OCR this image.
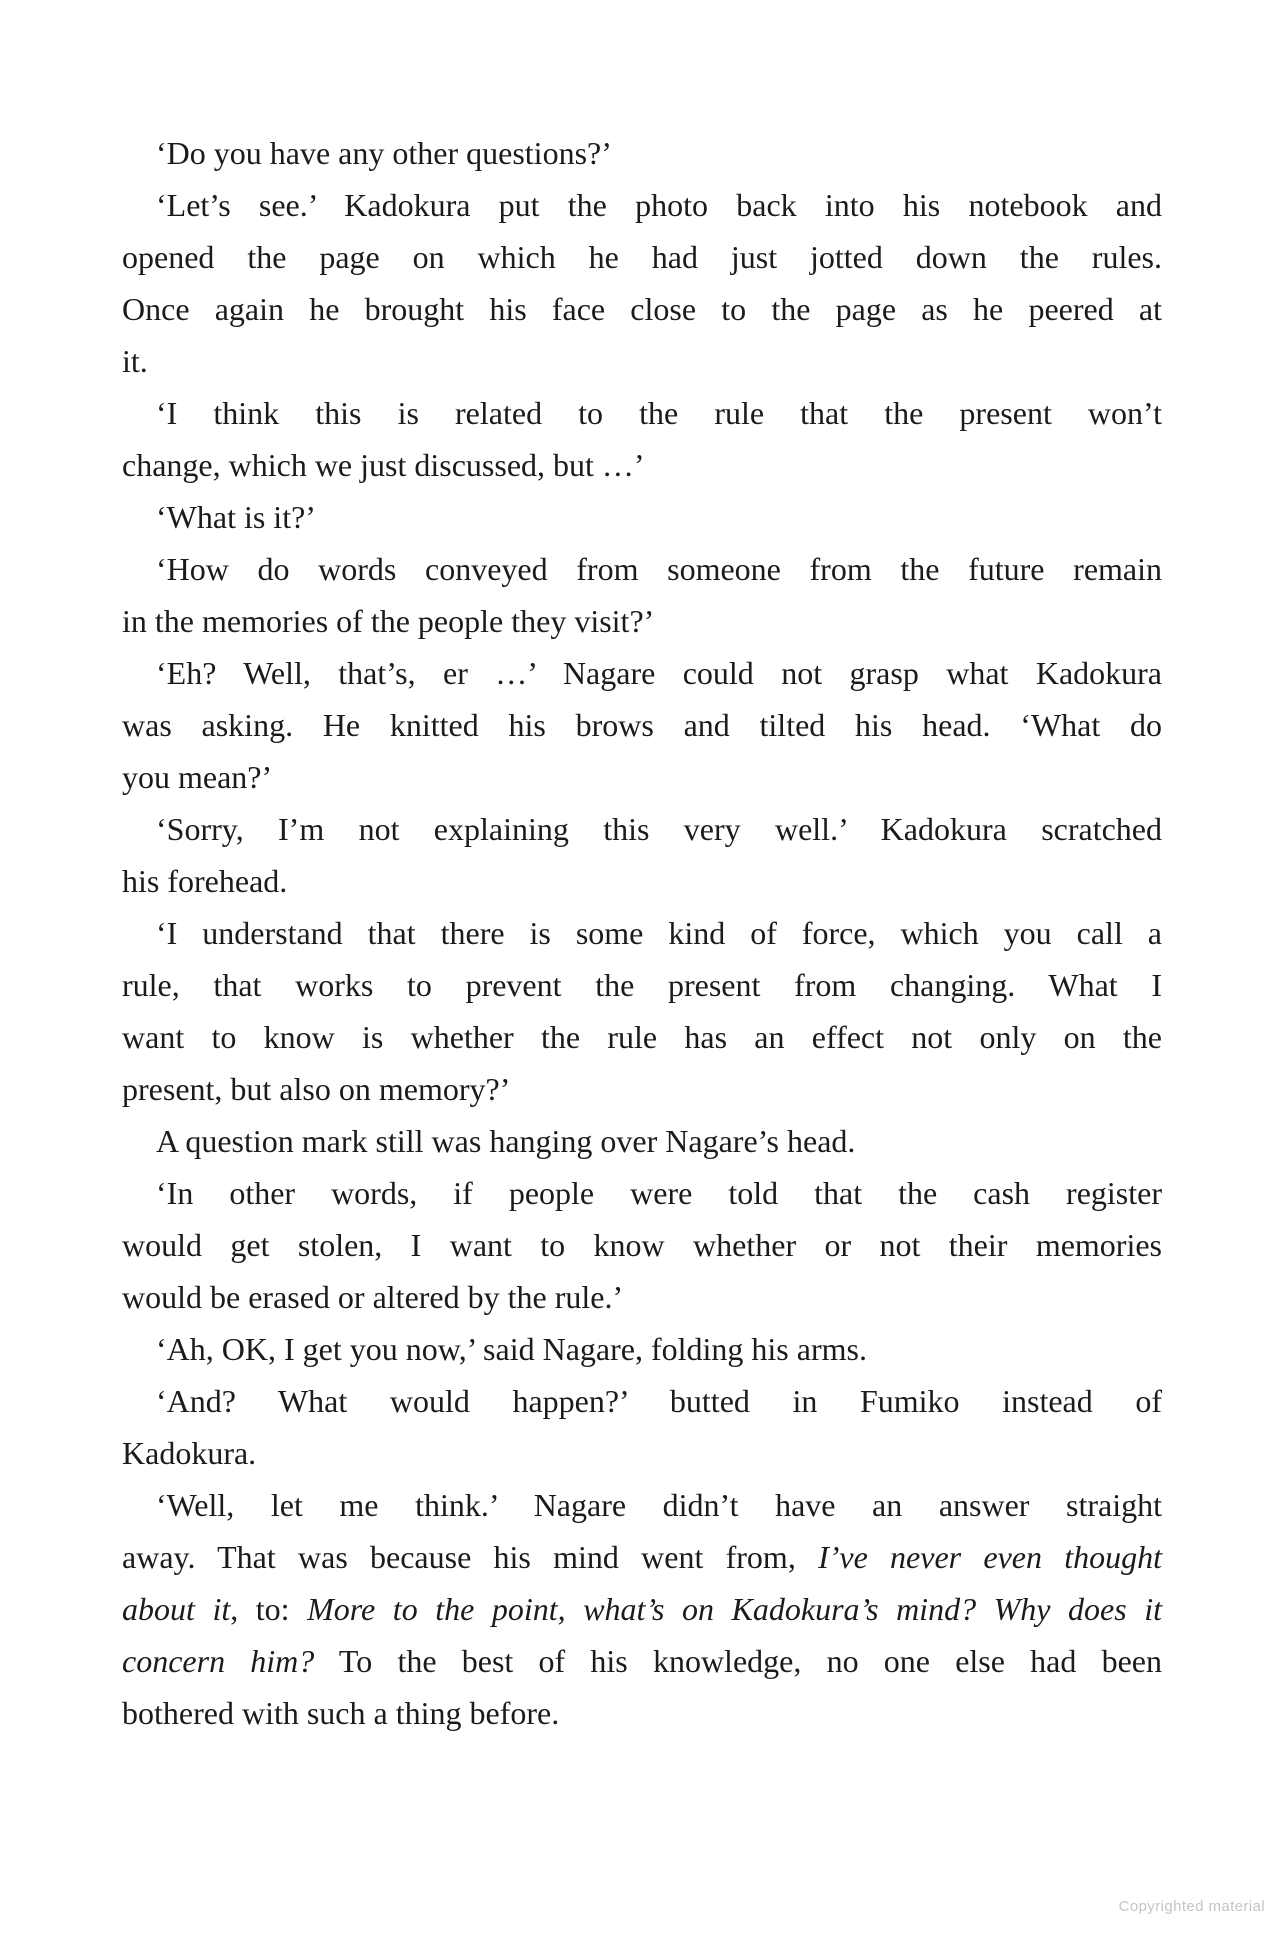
‘Do you have any other questions?’
‘Let’s see.’ Kadokura put the photo back into his notebook and
opened the page on which he had just jotted down the rules.
Once again he brought his face close to the page as he peered at
it.
‘I think this is related to the rule that the present won’t
change, which we just discussed, but …’
‘What is it?’
‘How do words conveyed from someone from the future remain
in the memories of the people they visit?’
‘Eh? Well, that’s, er …’ Nagare could not grasp what Kadokura
was asking. He knitted his brows and tilted his head. ‘What do
you mean?’
‘Sorry, I’m not explaining this very well.’ Kadokura scratched
his forehead.
‘I understand that there is some kind of force, which you call a
rule, that works to prevent the present from changing. What I
want to know is whether the rule has an effect not only on the
present, but also on memory?’
A question mark still was hanging over Nagare’s head.
‘In other words, if people were told that the cash register
would get stolen, I want to know whether or not their memories
would be erased or altered by the rule.’
‘Ah, OK, I get you now,’ said Nagare, folding his arms.
‘And? What would happen?’ butted in Fumiko instead of
Kadokura.
‘Well, let me think.’ Nagare didn’t have an answer straight
away. That was because his mind went from, I’ve never even thought
about it, to: More to the point, what’s on Kadokura’s mind? Why does it
concern him? To the best of his knowledge, no one else had been
bothered with such a thing before.
Copyrighted material
